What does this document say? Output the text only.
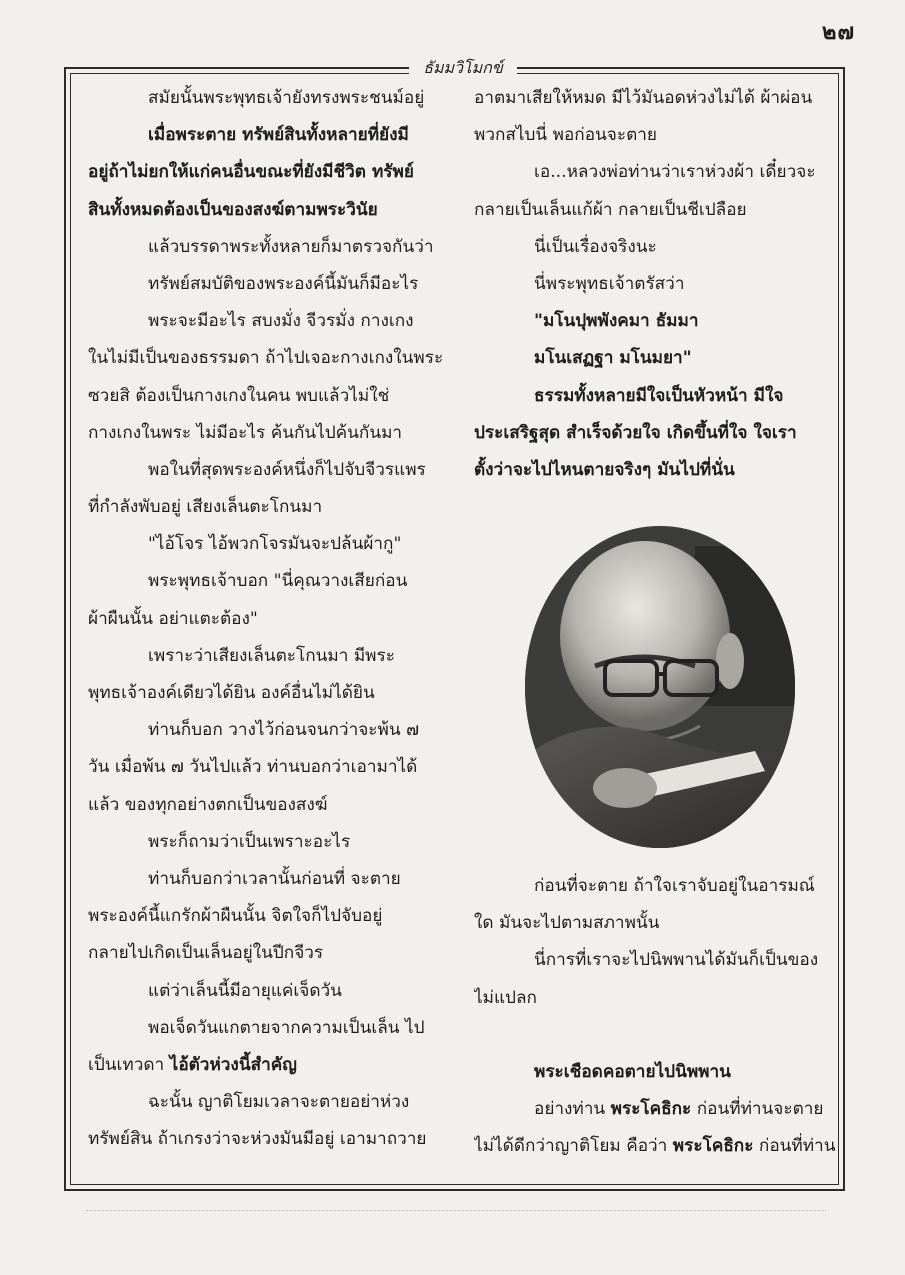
๒๗
ธัมมวิโมกข์
สมัยนั้นพระพุทธเจ้ายังทรงพระชนม์อยู่
เมื่อพระตาย ทรัพย์สินทั้งหลายที่ยังมี
อยู่ถ้าไม่ยกให้แก่คนอื่นขณะที่ยังมีชีวิต ทรัพย์
สินทั้งหมดต้องเป็นของสงฆ์ตามพระวินัย
แล้วบรรดาพระทั้งหลายก็มาตรวจกันว่า
ทรัพย์สมบัติของพระองค์นี้มันก็มีอะไร
พระจะมีอะไร สบงมั่ง จีวรมั่ง กางเกง
ในไม่มีเป็นของธรรมดา ถ้าไปเจอะกางเกงในพระ
ซวยสิ ต้องเป็นกางเกงในคน พบแล้วไม่ใช่
กางเกงในพระ ไม่มีอะไร ค้นกันไปค้นกันมา
พอในที่สุดพระองค์หนึ่งก็ไปจับจีวรแพร
ที่กำลังพับอยู่ เสียงเล็นตะโกนมา
"ไอ้โจร ไอ้พวกโจรมันจะปล้นผ้ากู"
พระพุทธเจ้าบอก "นี่คุณวางเสียก่อน
ผ้าผืนนั้น อย่าแตะต้อง"
เพราะว่าเสียงเล็นตะโกนมา มีพระ
พุทธเจ้าองค์เดียวได้ยิน องค์อื่นไม่ได้ยิน
ท่านก็บอก วางไว้ก่อนจนกว่าจะพ้น ๗
วัน เมื่อพ้น ๗ วันไปแล้ว ท่านบอกว่าเอามาได้
แล้ว ของทุกอย่างตกเป็นของสงฆ์
พระก็ถามว่าเป็นเพราะอะไร
ท่านก็บอกว่าเวลานั้นก่อนที่ จะตาย
พระองค์นี้แกรักผ้าผืนนั้น จิตใจก็ไปจับอยู่
กลายไปเกิดเป็นเล็นอยู่ในปีกจีวร
แต่ว่าเล็นนี้มีอายุแค่เจ็ดวัน
พอเจ็ดวันแกตายจากความเป็นเล็น ไป
เป็นเทวดา ไอ้ตัวห่วงนี้สำคัญ
ฉะนั้น ญาติโยมเวลาจะตายอย่าห่วง
ทรัพย์สิน ถ้าเกรงว่าจะห่วงมันมีอยู่ เอามาถวาย
อาตมาเสียให้หมด มีไว้มันอดห่วงไม่ได้ ผ้าผ่อน
พวกสไบนี่ พอก่อนจะตาย
เอ...หลวงพ่อท่านว่าเราห่วงผ้า เดี๋ยวจะ
กลายเป็นเล็นแก้ผ้า กลายเป็นชีเปลือย
นี่เป็นเรื่องจริงนะ
นี่พระพุทธเจ้าตรัสว่า
"มโนปุพพังคมา ธัมมา
มโนเสฏฐา มโนมยา"
ธรรมทั้งหลายมีใจเป็นหัวหน้า มีใจ
ประเสริฐสุด สำเร็จด้วยใจ เกิดขึ้นที่ใจ ใจเรา
ตั้งว่าจะไปไหนตายจริงๆ มันไปที่นั่น
ก่อนที่จะตาย ถ้าใจเราจับอยู่ในอารมณ์
ใด มันจะไปตามสภาพนั้น
นี่การที่เราจะไปนิพพานได้มันก็เป็นของ
ไม่แปลก
พระเชือดคอตายไปนิพพาน
อย่างท่าน พระโคธิกะ ก่อนที่ท่านจะตาย
ไม่ได้ดีกว่าญาติโยม คือว่า พระโคธิกะ ก่อนที่ท่าน
